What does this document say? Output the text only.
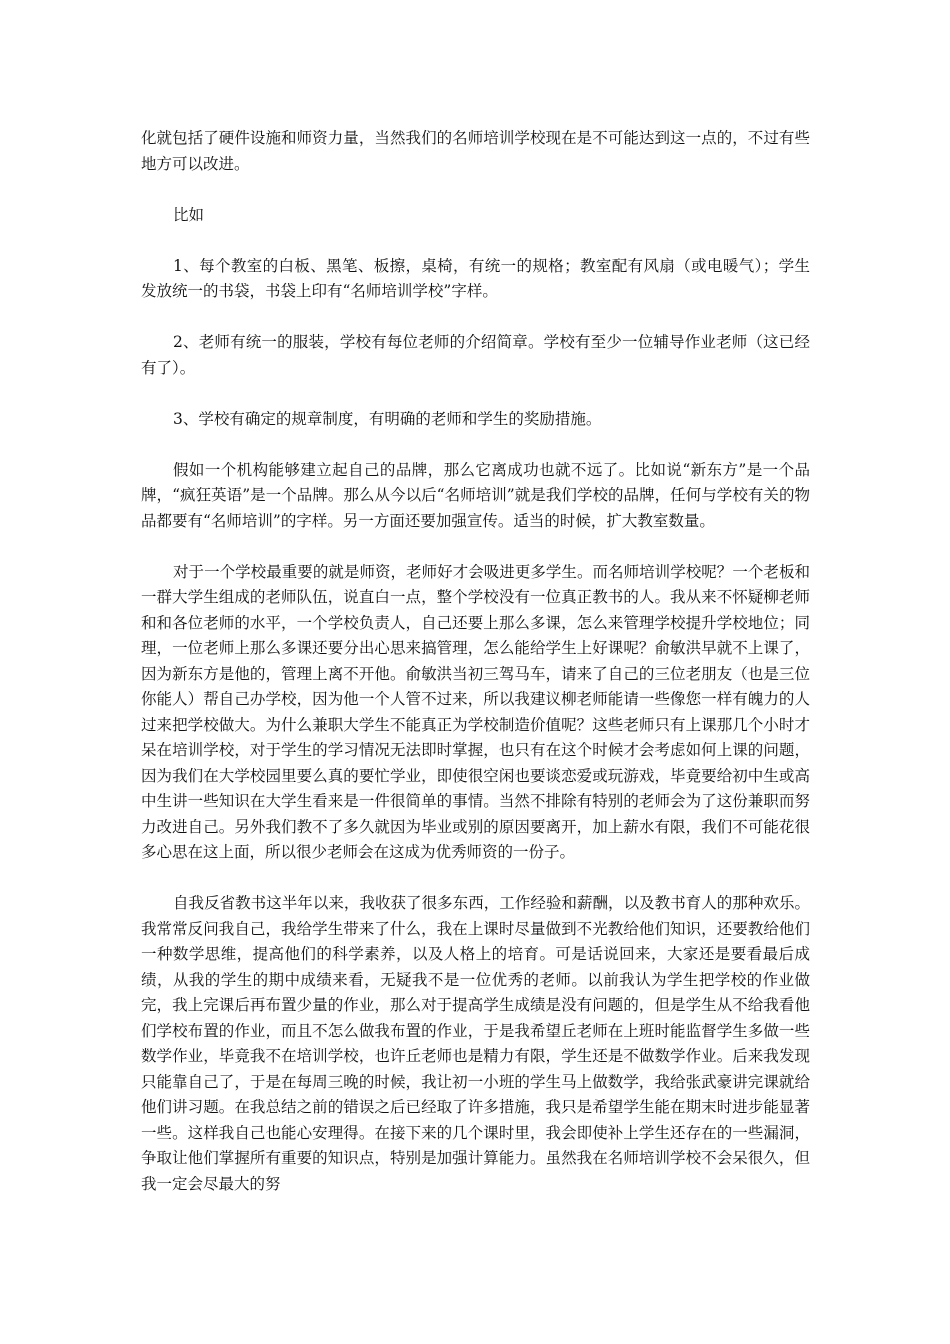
化就包括了硬件设施和师资力量，当然我们的名师培训学校现在是不可能达到这一点的，不过有些地方可以改进。

比如

1、每个教室的白板、黑笔、板擦，桌椅，有统一的规格；教室配有风扇（或电暖气）；学生发放统一的书袋，书袋上印有“名师培训学校”字样。

2、老师有统一的服装，学校有每位老师的介绍简章。学校有至少一位辅导作业老师（这已经有了）。

3、学校有确定的规章制度，有明确的老师和学生的奖励措施。

假如一个机构能够建立起自己的品牌，那么它离成功也就不远了。比如说“新东方”是一个品牌，“疯狂英语”是一个品牌。那么从今以后“名师培训”就是我们学校的品牌，任何与学校有关的物品都要有“名师培训”的字样。另一方面还要加强宣传。适当的时候，扩大教室数量。

对于一个学校最重要的就是师资，老师好才会吸进更多学生。而名师培训学校呢？一个老板和一群大学生组成的老师队伍，说直白一点，整个学校没有一位真正教书的人。我从来不怀疑柳老师和和各位老师的水平，一个学校负责人，自己还要上那么多课，怎么来管理学校提升学校地位；同理，一位老师上那么多课还要分出心思来搞管理，怎么能给学生上好课呢？俞敏洪早就不上课了，因为新东方是他的，管理上离不开他。俞敏洪当初三驾马车，请来了自己的三位老朋友（也是三位你能人）帮自己办学校，因为他一个人管不过来，所以我建议柳老师能请一些像您一样有魄力的人过来把学校做大。为什么兼职大学生不能真正为学校制造价值呢？这些老师只有上课那几个小时才呆在培训学校，对于学生的学习情况无法即时掌握，也只有在这个时候才会考虑如何上课的问题，因为我们在大学校园里要么真的要忙学业，即使很空闲也要谈恋爱或玩游戏，毕竟要给初中生或高中生讲一些知识在大学生看来是一件很简单的事情。当然不排除有特别的老师会为了这份兼职而努力改进自己。另外我们教不了多久就因为毕业或别的原因要离开，加上薪水有限，我们不可能花很多心思在这上面，所以很少老师会在这成为优秀师资的一份子。

自我反省教书这半年以来，我收获了很多东西，工作经验和薪酬，以及教书育人的那种欢乐。我常常反问我自己，我给学生带来了什么，我在上课时尽量做到不光教给他们知识，还要教给他们一种数学思维，提高他们的科学素养，以及人格上的培育。可是话说回来，大家还是要看最后成绩，从我的学生的期中成绩来看，无疑我不是一位优秀的老师。以前我认为学生把学校的作业做完，我上完课后再布置少量的作业，那么对于提高学生成绩是没有问题的，但是学生从不给我看他们学校布置的作业，而且不怎么做我布置的作业，于是我希望丘老师在上班时能监督学生多做一些数学作业，毕竟我不在培训学校，也许丘老师也是精力有限，学生还是不做数学作业。后来我发现只能靠自己了，于是在每周三晚的时候，我让初一小班的学生马上做数学，我给张武豪讲完课就给他们讲习题。在我总结之前的错误之后已经取了许多措施，我只是希望学生能在期末时进步能显著一些。这样我自己也能心安理得。在接下来的几个课时里，我会即使补上学生还存在的一些漏洞，争取让他们掌握所有重要的知识点，特别是加强计算能力。虽然我在名师培训学校不会呆很久，但我一定会尽最大的努
